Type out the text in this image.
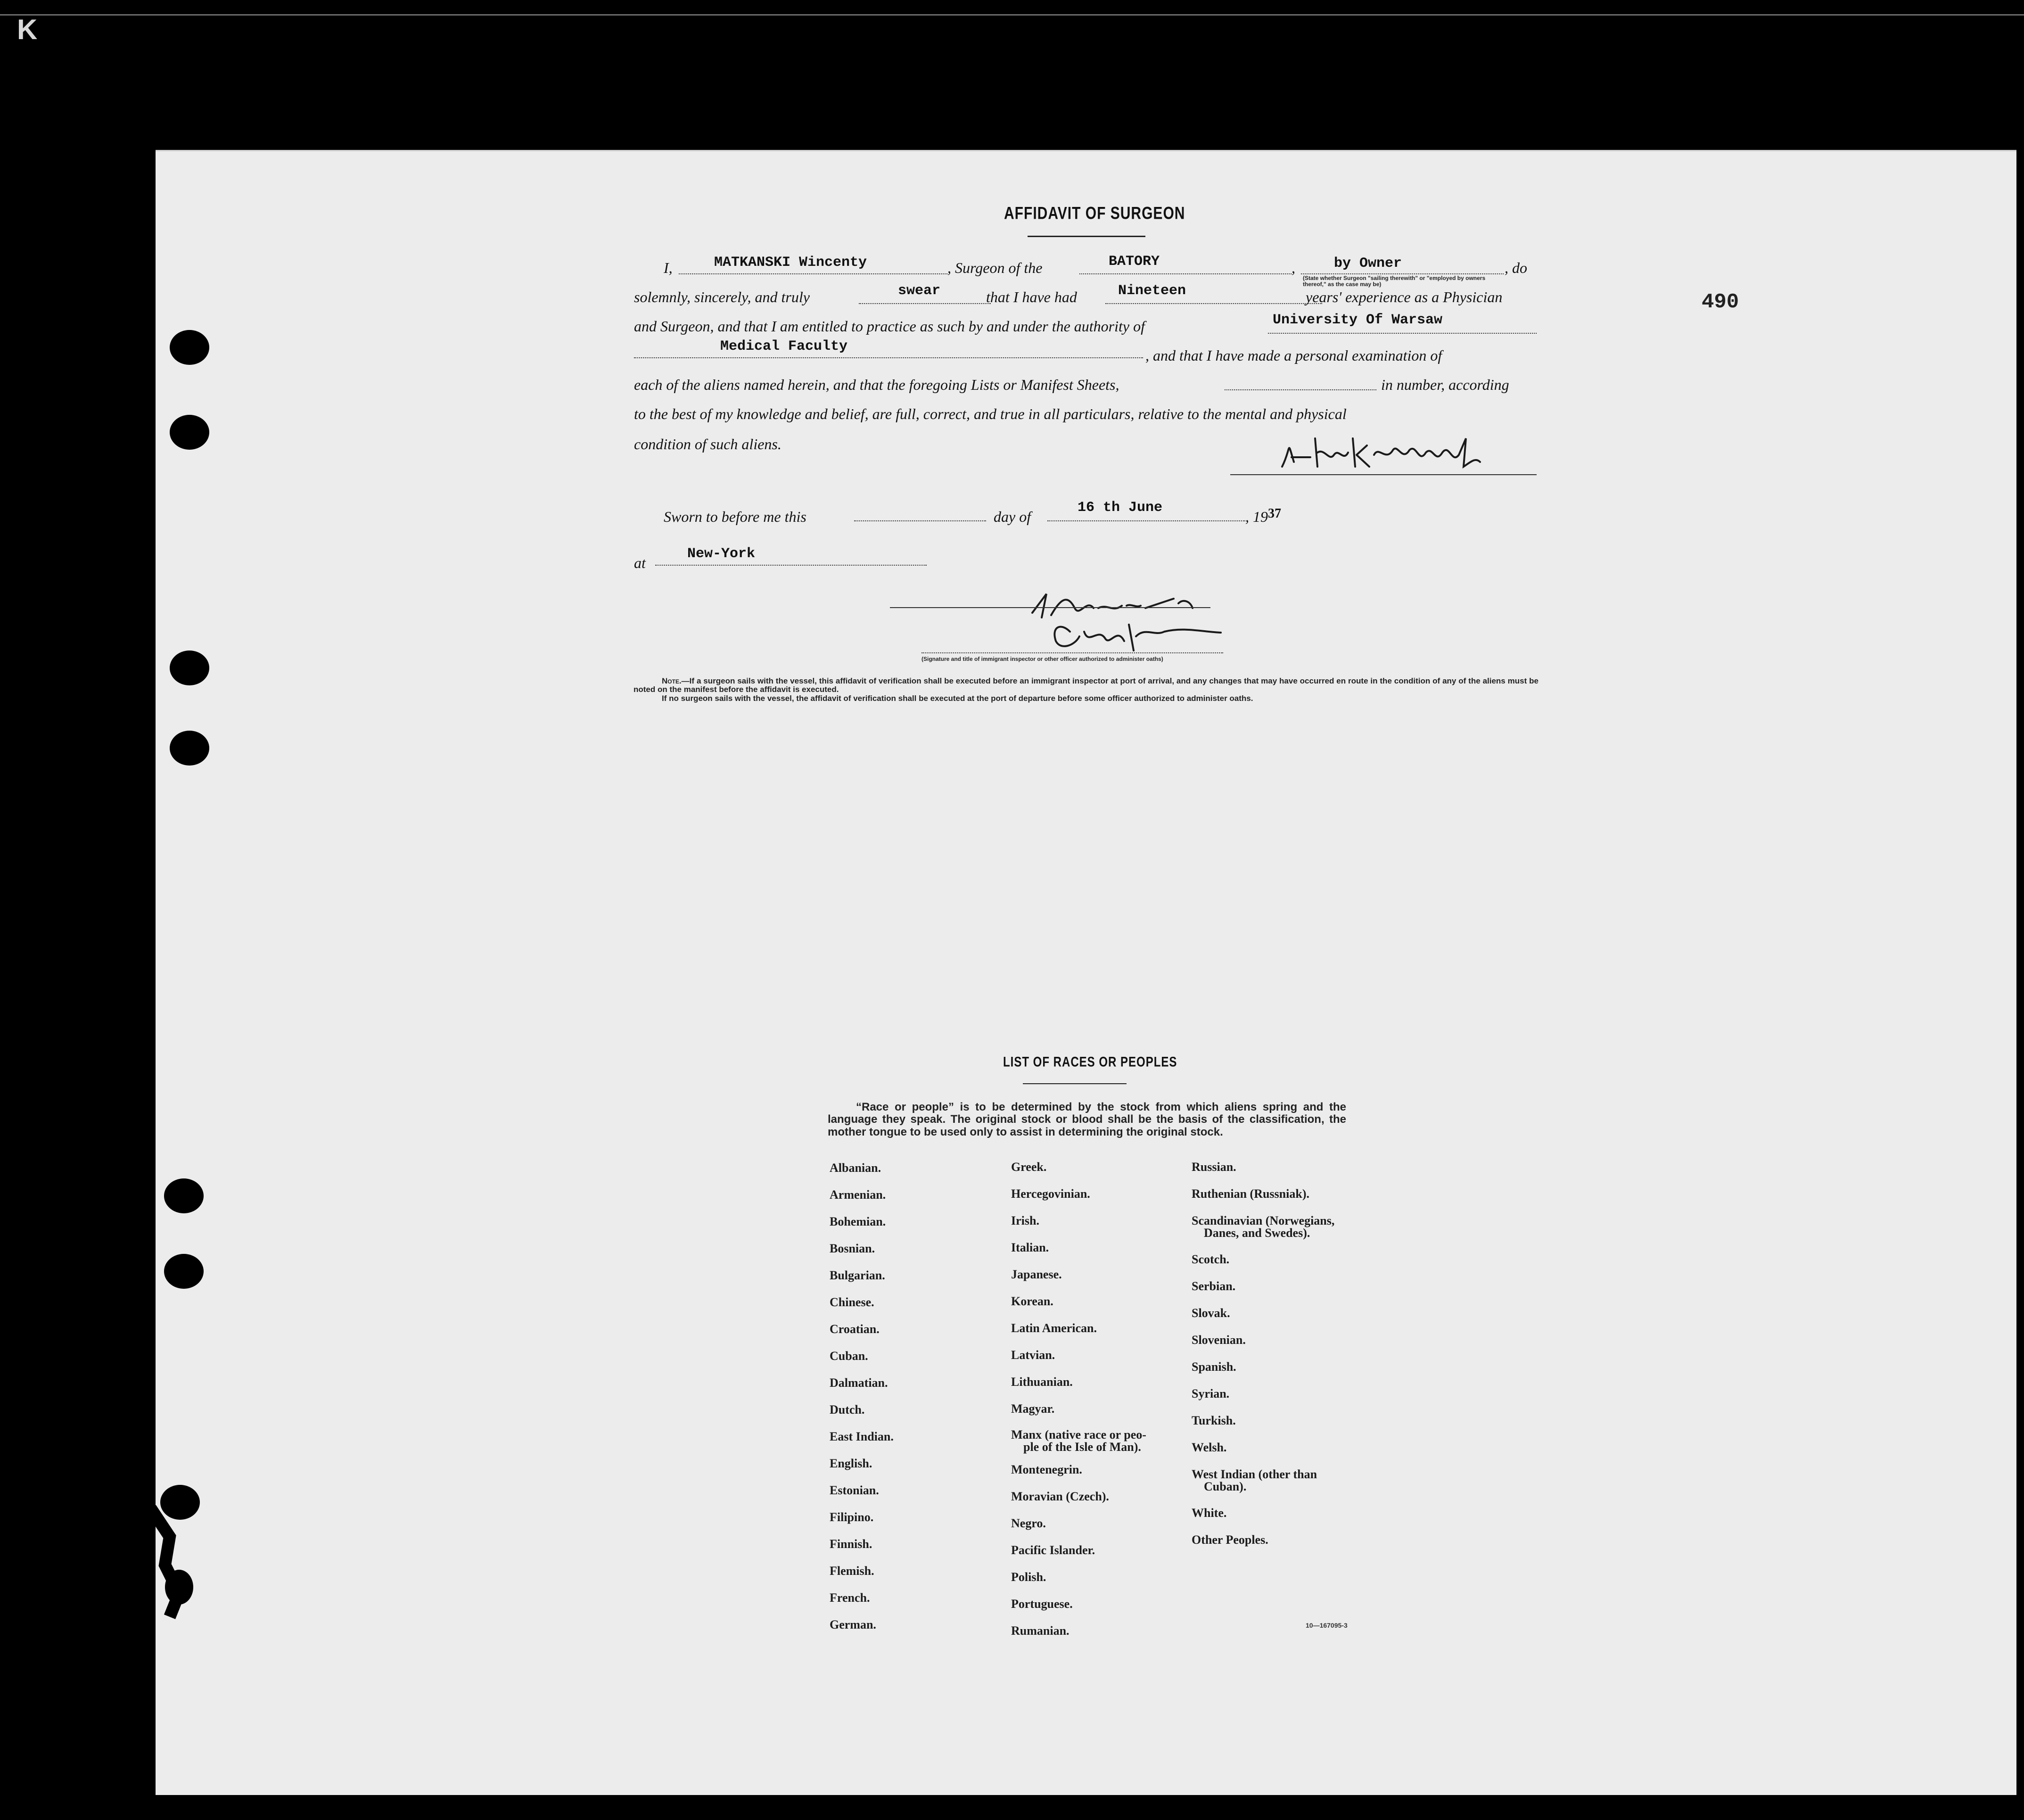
K
490
AFFIDAVIT OF SURGEON
I,	MATKANSKI Wincenty	, Surgeon of the	BATORY	,	by Owner	, do
(State whether Surgeon "sailing therewith" or "employed by owners thereof," as the case may be)
solemnly, sincerely, and truly	swear	that I have had	Nineteen	years' experience as a Physician
and Surgeon, and that I am entitled to practice as such by and under the authority of	University Of Warsaw
Medical Faculty
, and that I have made a personal examination of
each of the aliens named herein, and that the foregoing Lists or Manifest Sheets,	in number, according
to the best of my knowledge and belief, are full, correct, and true in all particulars, relative to the mental and physical
condition of such aliens.
Sworn to before me this	day of
16 th June
, 19 37
at
New-York
(Signature and title of immigrant inspector or other officer authorized to administer oaths)

Note.—If a surgeon sails with the vessel, this affidavit of verification shall be executed before an immigrant inspector at port of arrival, and any changes that may have occurred en route in the condition of any of the aliens must be noted on the manifest before the affidavit is executed.

If no surgeon sails with the vessel, the affidavit of verification shall be executed at the port of departure before some officer authorized to administer oaths.

LIST OF RACES OR PEOPLES
“Race or people” is to be determined by the stock from which aliens spring and the language they speak. The original stock or blood shall be the basis of the classification, the mother tongue to be used only to assist in determining the original stock.
Albanian.
Armenian.
Bohemian.
Bosnian.
Bulgarian.
Chinese.
Croatian.
Cuban.
Dalmatian.
Dutch.
East Indian.
English.
Estonian.
Filipino.
Finnish.
Flemish.
French.
German.
Greek.
Hercegovinian.
Irish.
Italian.
Japanese.
Korean.
Latin American.
Latvian.
Lithuanian.
Magyar.
Manx (native race or peo-
ple of the Isle of Man).
Montenegrin.
Moravian (Czech).
Negro.
Pacific Islander.
Polish.
Portuguese.
Rumanian.
Russian.
Ruthenian (Russniak).
Scandinavian (Norwegians,
Danes, and Swedes).
Scotch.
Serbian.
Slovak.
Slovenian.
Spanish.
Syrian.
Turkish.
Welsh.
West Indian (other than
Cuban).
White.
Other Peoples.
10—167095-3
